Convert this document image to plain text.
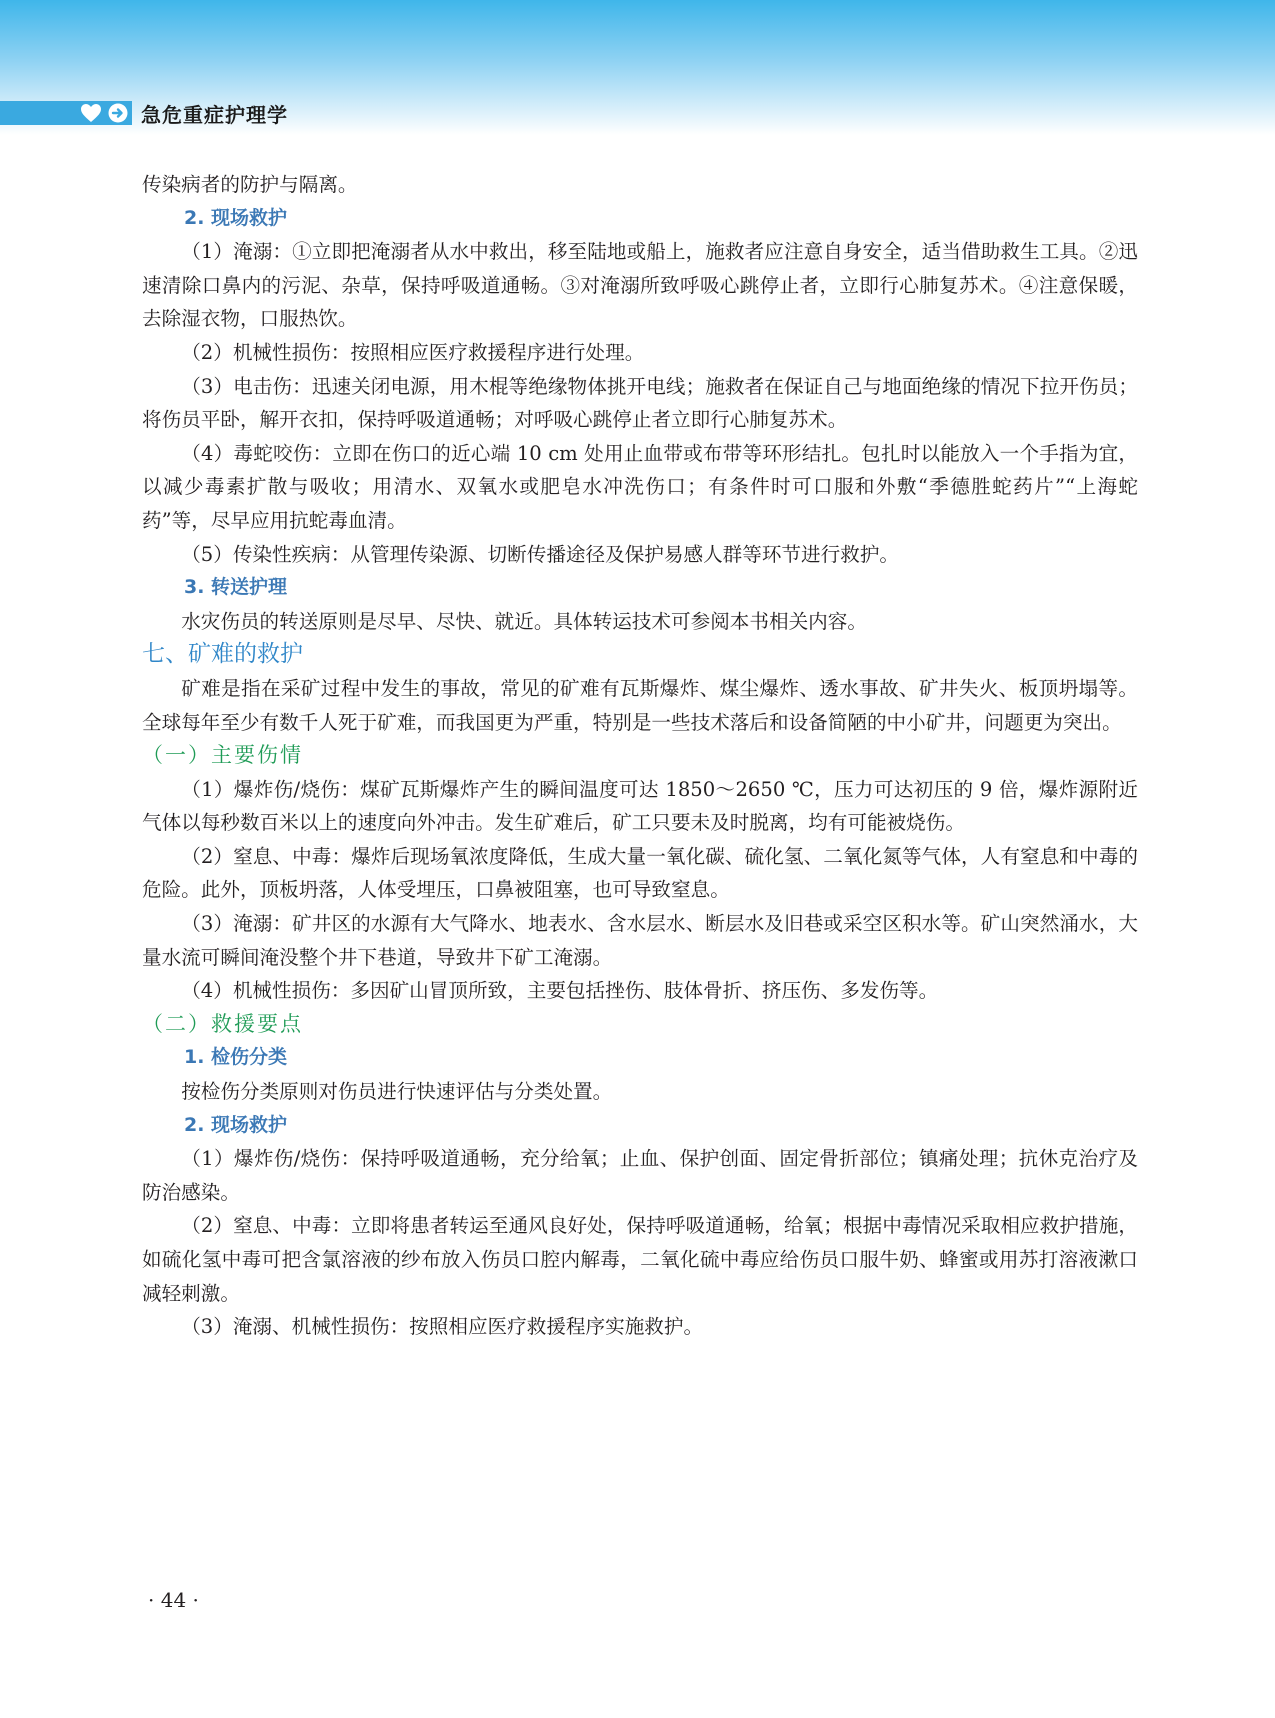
急危重症护理学

传染病者的防护与隔离。

2. 现场救护

（1）淹溺：①立即把淹溺者从水中救出，移至陆地或船上，施救者应注意自身安全，适当借助救生工具。②迅速清除口鼻内的污泥、杂草，保持呼吸道通畅。③对淹溺所致呼吸心跳停止者，立即行心肺复苏术。④注意保暖，去除湿衣物，口服热饮。

（2）机械性损伤：按照相应医疗救援程序进行处理。

（3）电击伤：迅速关闭电源，用木棍等绝缘物体挑开电线；施救者在保证自己与地面绝缘的情况下拉开伤员；将伤员平卧，解开衣扣，保持呼吸道通畅；对呼吸心跳停止者立即行心肺复苏术。

（4）毒蛇咬伤：立即在伤口的近心端 10 cm 处用止血带或布带等环形结扎。包扎时以能放入一个手指为宜，以减少毒素扩散与吸收；用清水、双氧水或肥皂水冲洗伤口；有条件时可口服和外敷“季德胜蛇药片”“上海蛇药”等，尽早应用抗蛇毒血清。

（5）传染性疾病：从管理传染源、切断传播途径及保护易感人群等环节进行救护。

3. 转送护理

水灾伤员的转送原则是尽早、尽快、就近。具体转运技术可参阅本书相关内容。

七、矿难的救护

矿难是指在采矿过程中发生的事故，常见的矿难有瓦斯爆炸、煤尘爆炸、透水事故、矿井失火、板顶坍塌等。全球每年至少有数千人死于矿难，而我国更为严重，特别是一些技术落后和设备简陋的中小矿井，问题更为突出。

（一）主要伤情

（1）爆炸伤/烧伤：煤矿瓦斯爆炸产生的瞬间温度可达 1850～2650 ℃，压力可达初压的 9 倍，爆炸源附近气体以每秒数百米以上的速度向外冲击。发生矿难后，矿工只要未及时脱离，均有可能被烧伤。

（2）窒息、中毒：爆炸后现场氧浓度降低，生成大量一氧化碳、硫化氢、二氧化氮等气体，人有窒息和中毒的危险。此外，顶板坍落，人体受埋压，口鼻被阻塞，也可导致窒息。

（3）淹溺：矿井区的水源有大气降水、地表水、含水层水、断层水及旧巷或采空区积水等。矿山突然涌水，大量水流可瞬间淹没整个井下巷道，导致井下矿工淹溺。

（4）机械性损伤：多因矿山冒顶所致，主要包括挫伤、肢体骨折、挤压伤、多发伤等。

（二）救援要点

1. 检伤分类

按检伤分类原则对伤员进行快速评估与分类处置。

2. 现场救护

（1）爆炸伤/烧伤：保持呼吸道通畅，充分给氧；止血、保护创面、固定骨折部位；镇痛处理；抗休克治疗及防治感染。

（2）窒息、中毒：立即将患者转运至通风良好处，保持呼吸道通畅，给氧；根据中毒情况采取相应救护措施，如硫化氢中毒可把含氯溶液的纱布放入伤员口腔内解毒，二氧化硫中毒应给伤员口服牛奶、蜂蜜或用苏打溶液漱口减轻刺激。

（3）淹溺、机械性损伤：按照相应医疗救援程序实施救护。

· 44 ·
